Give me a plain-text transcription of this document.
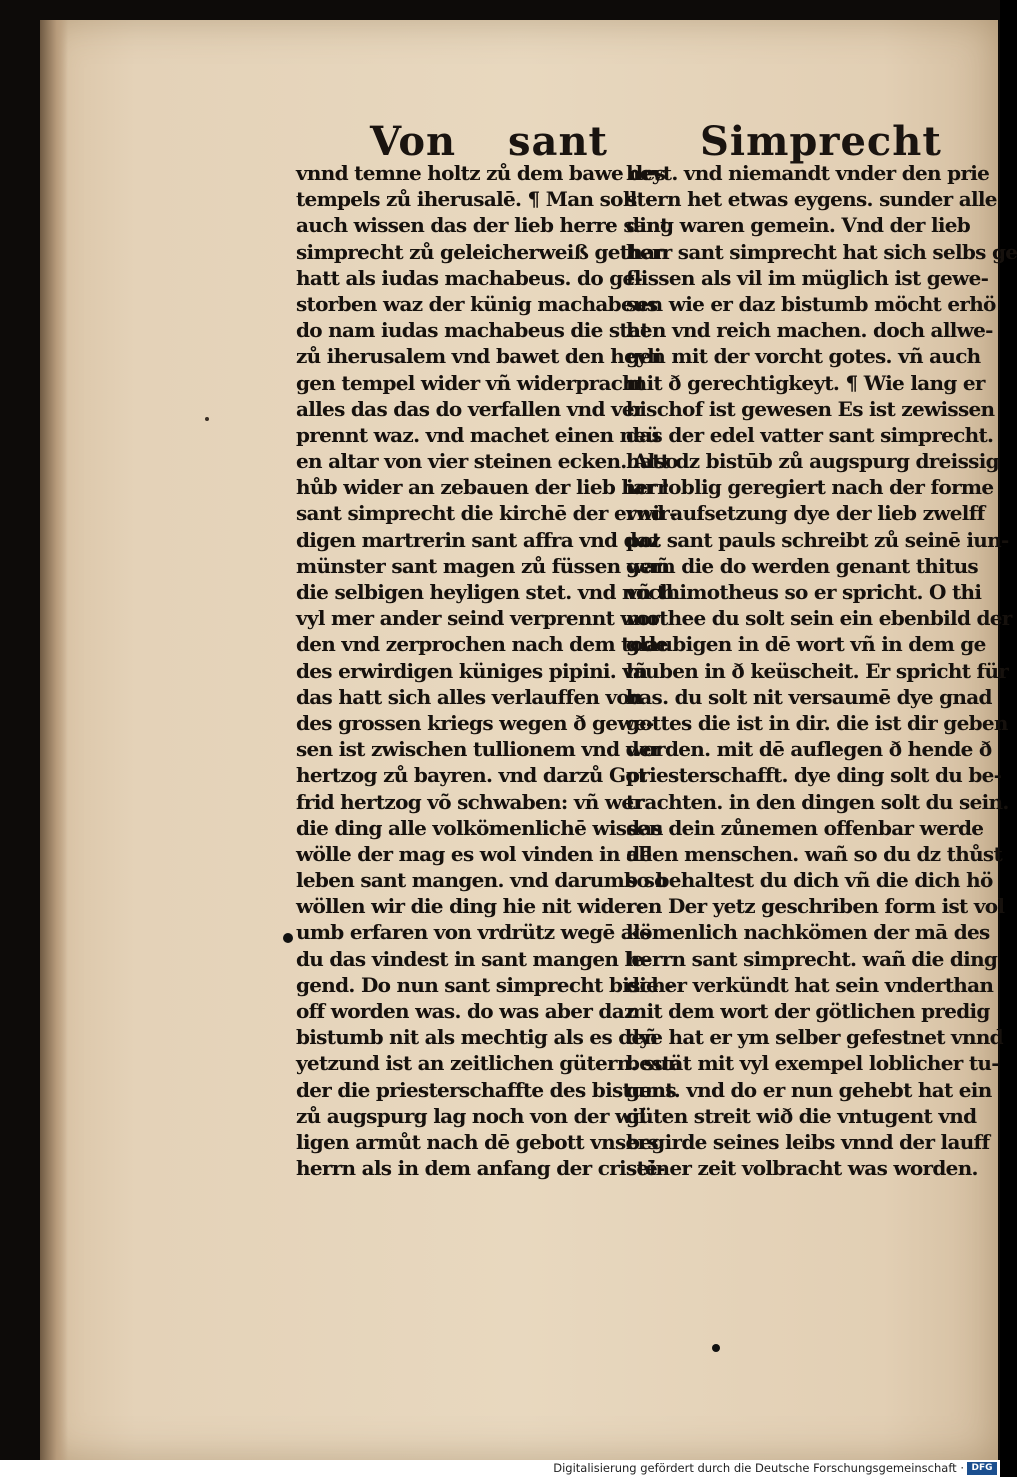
Von sant Simprecht
vnnd temne holtz zů dem bawe des
tempels zů iherusalē. ¶ Man soll
auch wissen das der lieb herre sant
simprecht zů geleicherweiß gethan
hatt als iudas machabeus. do ge-
storben waz der künig machabeus
do nam iudas machabeus die stat
zů iherusalem vnd bawet den heyli
gen tempel wider vñ widerpracht
alles das das do verfallen vnd ver
prennt waz. vnd machet einen neü
en altar von vier steinen ecken. Also
hůb wider an zebauen der lieb herr
sant simprecht die kirchē der erwir-
digen martrerin sant affra vnd daz
münster sant magen zů füssen wañ
die selbigen heyligen stet. vnd noch
vyl mer ander seind verprennt wor
den vnd zerprochen nach dem tode
des erwirdigen küniges pipini. vñ
das hatt sich alles verlauffen von
des grossen kriegs wegen ð gewe-
sen ist zwischen tullionem vnd der
hertzog zů bayren. vnd darzů Got
frid hertzog võ schwaben: vñ wer
die ding alle volkömenlichē wissen
wölle der mag es wol vinden in dē
leben sant mangen. vnd darumb so
wöllen wir die ding hie nit wider-
umb erfaren von vrdrütz wegē als
du das vindest in sant mangen le-
gend. Do nun sant simprecht bisch-
off worden was. do was aber daz
bistumb nit als mechtig als es deñ
yetzund ist an zeitlichen gütern. sun
der die priesterschaffte des bistums
zů augspurg lag noch von der wil
ligen armůt nach dē gebott vnsers
herrn als in dem anfang der cristē-
heyt. vnd niemandt vnder den prie
stern het etwas eygens. sunder alle
ding waren gemein. Vnd der lieb
herr sant simprecht hat sich selbs ge
flissen als vil im müglich ist gewe-
sen wie er daz bistumb möcht erhö
hen vnd reich machen. doch allwe-
gen mit der vorcht gotes. vñ auch
mit ð gerechtigkeyt. ¶ Wie lang er
bischof ist gewesen Es ist zewissen
das der edel vatter sant simprecht.
hatt dz bistūb zů augspurg dreissig
iar loblig geregiert nach der forme
vnd aufsetzung dye der lieb zwelff
pot sant pauls schreibt zů seinē iun-
gern die do werden genant thitus
vñ thimotheus so er spricht. O thi
mothee du solt sein ein ebenbild der
glaubigen in dē wort vñ in dem ge
lauben in ð keüscheit. Er spricht für
bas. du solt nit versaumē dye gnad
gottes die ist in dir. die ist dir geben
worden. mit dē auflegen ð hende ð
priesterschafft. dye ding solt du be-
trachten. in den dingen solt du sein.
das dein zůnemen offenbar werde
allen menschen. wañ so du dz thůst
so behaltest du dich vñ die dich hö
ren Der yetz geschriben form ist vol
kömenlich nachkömen der mā des
herrn sant simprecht. wañ die ding
die er verkündt hat sein vnderthan
mit dem wort der götlichen predig
dye hat er ym selber gefestnet vnnd
bestät mit vyl exempel loblicher tu-
gent. vnd do er nun gehebt hat ein
güten streit wið die vntugent vnd
begirde seines leibs vnnd der lauff
seiner zeit volbracht was worden.
Digitalisierung gefördert durch die Deutsche Forschungsgemeinschaft · DFG
